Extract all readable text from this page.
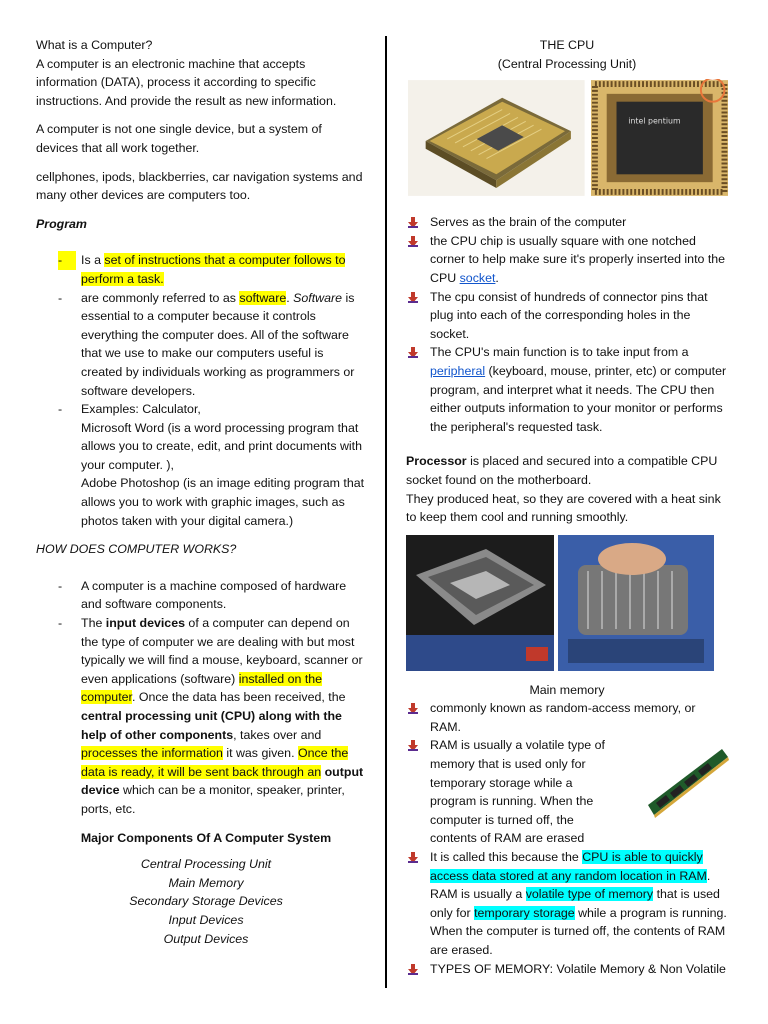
What is a Computer?

A computer is an electronic machine that accepts information (DATA), process it according to specific instructions. And provide the result as new information.

A computer is not one single device, but a system of devices that all work together.

cellphones, ipods, blackberries, car navigation systems and many other devices are computers too.

Program

-	Is a set of instructions that a computer follows to perform a task.
- are commonly referred to as software. Software is essential to a computer because it controls everything the computer does. All of the software that we use to make our computers useful is created by individuals working as programmers or software developers.
- Examples: Calculator,
Microsoft Word (is a word processing program that allows you to create, edit, and print documents with your computer. ),
Adobe Photoshop (is an image editing program that allows you to work with graphic images, such as photos taken with your digital camera.)

HOW DOES COMPUTER WORKS?

- A computer is a machine composed of hardware and software components.
- The input devices of a computer can depend on the type of computer we are dealing with but most typically we will find a mouse, keyboard, scanner or even applications (software) installed on the computer. Once the data has been received, the central processing unit (CPU) along with the help of other components, takes over and processes the information it was given. Once the data is ready, it will be sent back through an output device which can be a monitor, speaker, printer, ports, etc.

Major Components Of A Computer System

Central Processing Unit
Main Memory
Secondary Storage Devices
Input Devices
Output Devices

THE CPU

(Central Processing Unit)

intel pentium
Serves as the brain of the computer
the CPU chip is usually square with one notched corner to help make sure it's properly inserted into the CPU socket.
The cpu consist of hundreds of connector pins that plug into each of the corresponding holes in the socket.
The CPU's main function is to take input from a peripheral (keyboard, mouse, printer, etc) or computer program, and interpret what it needs. The CPU then either outputs information to your monitor or performs the peripheral's requested task.

Processor is placed and secured into a compatible CPU socket found on the motherboard.

They produced heat, so they are covered with a heat sink to keep them cool and running smoothly.

Main memory

commonly known as random-access memory, or RAM.
RAM is usually a volatile type of memory that is used only for temporary storage while a program is running. When the computer is turned off, the contents of RAM are erased
It is called this because the CPU is able to quickly access data stored at any random location in RAM. RAM is usually a volatile type of memory that is used only for temporary storage while a program is running. When the computer is turned off, the contents of RAM are erased.
TYPES OF MEMORY: Volatile Memory & Non Volatile
